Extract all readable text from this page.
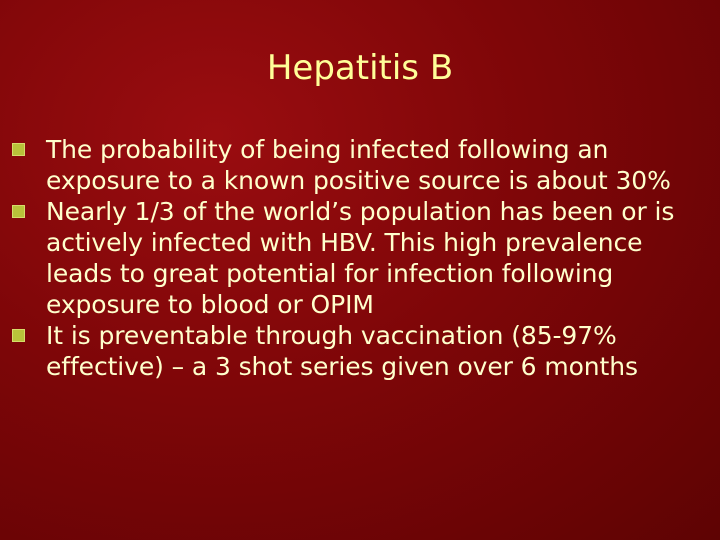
Hepatitis B
The probability of being infected following an exposure to a known positive source is about 30%
Nearly 1/3 of the world’s population has been or is actively infected with HBV. This high prevalence leads to great potential for infection following exposure to blood or OPIM
It is preventable through vaccination (85-97% effective) – a 3 shot series given over 6 months
